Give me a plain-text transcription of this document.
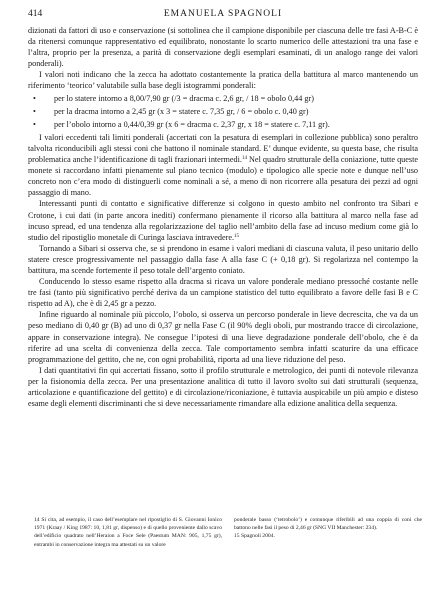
414	EMANUELA SPAGNOLI

dizionati da fattori di uso e conservazione (si sottolinea che il campione disponibile per ciascuna delle tre fasi A-B-C è da ritenersi comunque rappresentativo ed equilibrato, nonostante lo scarto numerico delle attestazioni tra una fase e l’altra, proprio per la presenza, a parità di conservazione degli esemplari esaminati, di un analogo range dei valori ponderali).

I valori noti indicano che la zecca ha adottato costantemente la pratica della battitura al marco mantenendo un riferimento ‘teorico’ valutabile sulla base degli istogrammi ponderali:

• per lo statere intorno a 8,00/7,90 gr (/3 = dracma c. 2,6 gr, / 18 = obolo 0,44 gr)
• per la dracma intorno a 2,45 gr (x 3 = statere c. 7,35 gr, / 6 = obolo c. 0,40 gr)
• per l’obolo intorno a 0,44/0,39 gr (x 6 = dracma c. 2,37 gr, x 18 = statere c. 7,11 gr).

I valori eccedenti tali limiti ponderali (accertati con la pesatura di esemplari in collezione pubblica) sono peraltro talvolta riconducibili agli stessi coni che battono il nominale standard. E’ dunque evidente, su questa base, che risulta problematica anche l’identificazione di tagli frazionari intermedi.$^{14}$ Nel quadro strutturale della coniazione, tutte queste monete si raccordano infatti pienamente sul piano tecnico (modulo) e tipologico alle specie note e dunque nell’uso concreto non c’era modo di distinguerli come nominali a sé, a meno di non ricorrere alla pesatura dei pezzi ad ogni passaggio di mano.

Interessanti punti di contatto e significative differenze si colgono in questo ambito nel confronto tra Sibari e Crotone, i cui dati (in parte ancora inediti) confermano pienamente il ricorso alla battitura al marco nella fase ad incuso spread, ed una tendenza alla regolarizzazione del taglio nell’ambito della fase ad incuso medium come già lo studio del ripostiglio monetale di Curinga lasciava intravedere.$^{15}$

Tornando a Sibari si osserva che, se si prendono in esame i valori mediani di ciascuna valuta, il peso unitario dello statere cresce progressivamente nel passaggio dalla fase A alla fase C (+ 0,18 gr). Si regolarizza nel contempo la battitura, ma scende fortemente il peso totale dell’argento coniato.

Conducendo lo stesso esame rispetto alla dracma si ricava un valore ponderale mediano pressoché costante nelle tre fasi (tanto più significativo perché deriva da un campione statistico del tutto equilibrato a favore delle fasi B e C rispetto ad A), che è di 2,45 gr a pezzo.

Infine riguardo al nominale più piccolo, l’obolo, si osserva un percorso ponderale in lieve decrescita, che va da un peso mediano di 0,40 gr (B) ad uno di 0,37 gr nella Fase C (il 90% degli oboli, pur mostrando tracce di circolazione, appare in conservazione integra). Ne consegue l’ipotesi di una lieve degradazione ponderale dell’obolo, che è da riferire ad una scelta di convenienza della zecca. Tale comportamento sembra infatti scaturire da una efficace programmazione del gettito, che ne, con ogni probabilità, riporta ad una lieve riduzione del peso.

I dati quantitativi fin qui accertati fissano, sotto il profilo strutturale e metrologico, dei punti di notevole rilevanza per la fisionomia della zecca. Per una presentazione analitica di tutto il lavoro svolto sui dati strutturali (sequenza, articolazione e quantificazione del gettito) e di circolazione/riconiazione, è tuttavia auspicabile un più ampio e disteso esame degli elementi discriminanti che si deve necessariamente rimandare alla edizione analitica della sequenza.

14 Si cita, ad esempio, il caso dell’esemplare nel ripostiglio di S. Giovanni Ionico 1971 (Kraay / King 1987: 10, 1,81 gr, dispenso) e di quello proveniente dallo scavo dell’edificio quadrato nell’Heraion a Foce Sele (Paestum MAN: 905, 1,75 gr), entrambi in conservazione integra ma attestati su un valore
ponderale basso (‘tetrobolo’) e comunque riferibili ad una coppia di coni che battono nelle fasi il peso di 2,46 gr (SNG VII Manchester: 234).
15 Spagnoli 2004.
